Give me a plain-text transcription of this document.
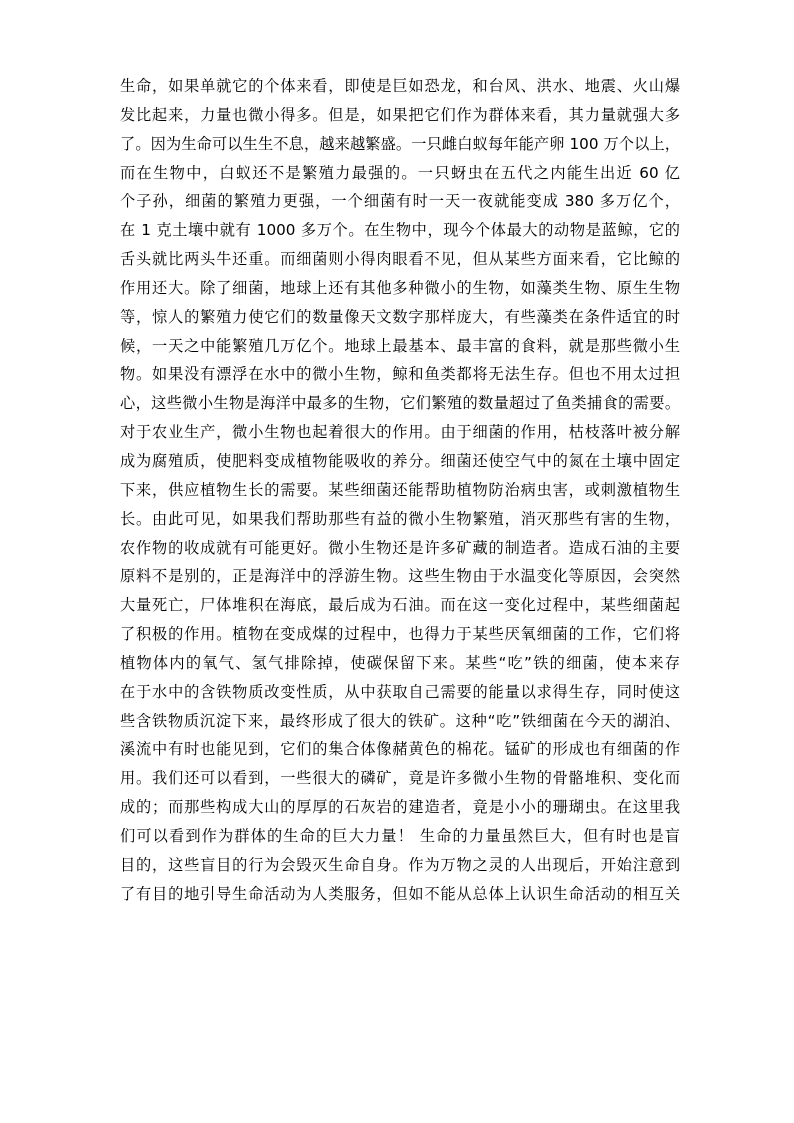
生命，如果单就它的个体来看，即使是巨如恐龙，和台风、洪水、地震、火山爆
发比起来，力量也微小得多。但是，如果把它们作为群体来看，其力量就强大多
了。因为生命可以生生不息，越来越繁盛。一只雌白蚁每年能产卵 100 万个以上，
而在生物中，白蚁还不是繁殖力最强的。一只蚜虫在五代之内能生出近 60 亿
个子孙，细菌的繁殖力更强，一个细菌有时一天一夜就能变成 380 多万亿个，
在 1 克土壤中就有 1000 多万个。在生物中，现今个体最大的动物是蓝鲸，它的
舌头就比两头牛还重。而细菌则小得肉眼看不见，但从某些方面来看，它比鲸的
作用还大。除了细菌，地球上还有其他多种微小的生物，如藻类生物、原生生物
等，惊人的繁殖力使它们的数量像天文数字那样庞大，有些藻类在条件适宜的时
候，一天之中能繁殖几万亿个。地球上最基本、最丰富的食料，就是那些微小生
物。如果没有漂浮在水中的微小生物，鲸和鱼类都将无法生存。但也不用太过担
心，这些微小生物是海洋中最多的生物，它们繁殖的数量超过了鱼类捕食的需要。
对于农业生产，微小生物也起着很大的作用。由于细菌的作用，枯枝落叶被分解
成为腐殖质，使肥料变成植物能吸收的养分。细菌还使空气中的氮在土壤中固定
下来，供应植物生长的需要。某些细菌还能帮助植物防治病虫害，或刺激植物生
长。由此可见，如果我们帮助那些有益的微小生物繁殖，消灭那些有害的生物，
农作物的收成就有可能更好。微小生物还是许多矿藏的制造者。造成石油的主要
原料不是别的，正是海洋中的浮游生物。这些生物由于水温变化等原因，会突然
大量死亡，尸体堆积在海底，最后成为石油。而在这一变化过程中，某些细菌起
了积极的作用。植物在变成煤的过程中，也得力于某些厌氧细菌的工作，它们将
植物体内的氧气、氢气排除掉，使碳保留下来。某些“吃”铁的细菌，使本来存
在于水中的含铁物质改变性质，从中获取自己需要的能量以求得生存，同时使这
些含铁物质沉淀下来，最终形成了很大的铁矿。这种“吃”铁细菌在今天的湖泊、
溪流中有时也能见到，它们的集合体像赭黄色的棉花。锰矿的形成也有细菌的作
用。我们还可以看到，一些很大的磷矿，竟是许多微小生物的骨骼堆积、变化而
成的；而那些构成大山的厚厚的石灰岩的建造者，竟是小小的珊瑚虫。在这里我
们可以看到作为群体的生命的巨大力量！ 生命的力量虽然巨大，但有时也是盲
目的，这些盲目的行为会毁灭生命自身。作为万物之灵的人出现后，开始注意到
了有目的地引导生命活动为人类服务，但如不能从总体上认识生命活动的相互关
